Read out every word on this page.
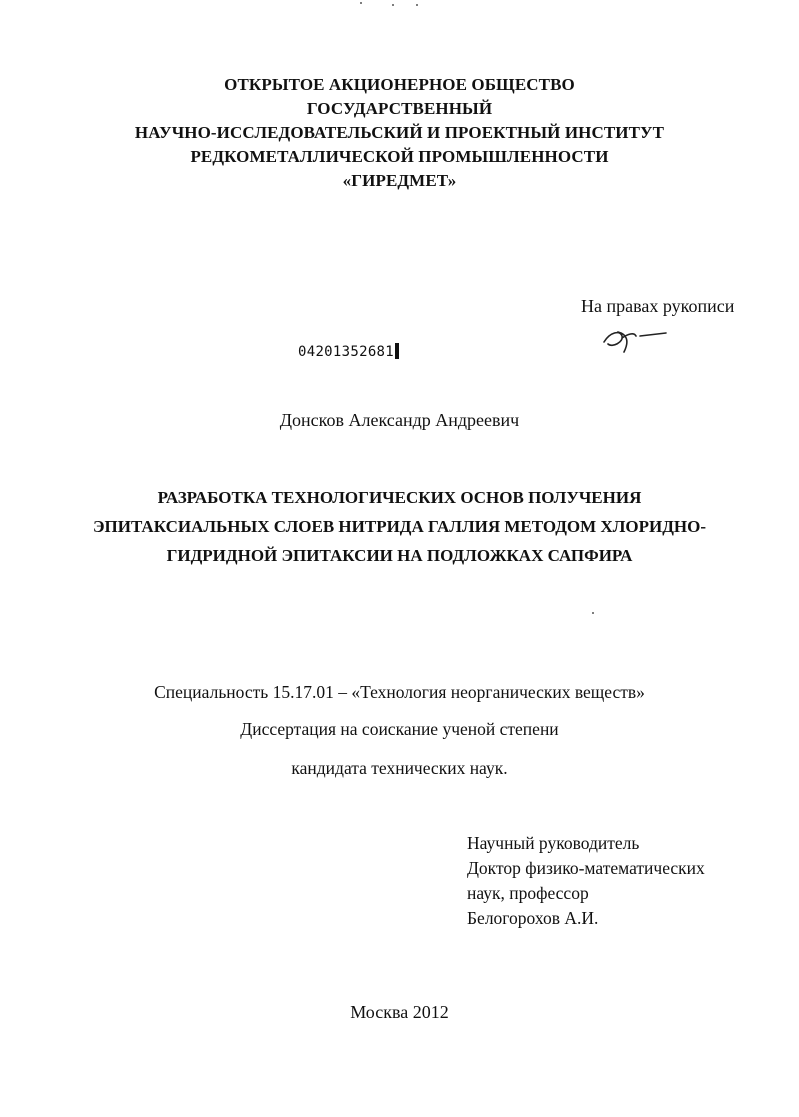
ОТКРЫТОЕ АКЦИОНЕРНОЕ ОБЩЕСТВО
ГОСУДАРСТВЕННЫЙ
НАУЧНО-ИССЛЕДОВАТЕЛЬСКИЙ И ПРОЕКТНЫЙ ИНСТИТУТ
РЕДКОМЕТАЛЛИЧЕСКОЙ ПРОМЫШЛЕННОСТИ
«ГИРЕДМЕТ»
На правах рукописи
04201352681
Донсков Александр Андреевич
РАЗРАБОТКА ТЕХНОЛОГИЧЕСКИХ ОСНОВ ПОЛУЧЕНИЯ
ЭПИТАКСИАЛЬНЫХ СЛОЕВ НИТРИДА ГАЛЛИЯ МЕТОДОМ ХЛОРИДНО-
ГИДРИДНОЙ ЭПИТАКСИИ НА ПОДЛОЖКАХ САПФИРА
Специальность 15.17.01 – «Технология неорганических веществ»
Диссертация на соискание ученой степени
кандидата технических наук.
Научный руководитель
Доктор физико-математических
наук, профессор
Белогорохов А.И.
Москва 2012
